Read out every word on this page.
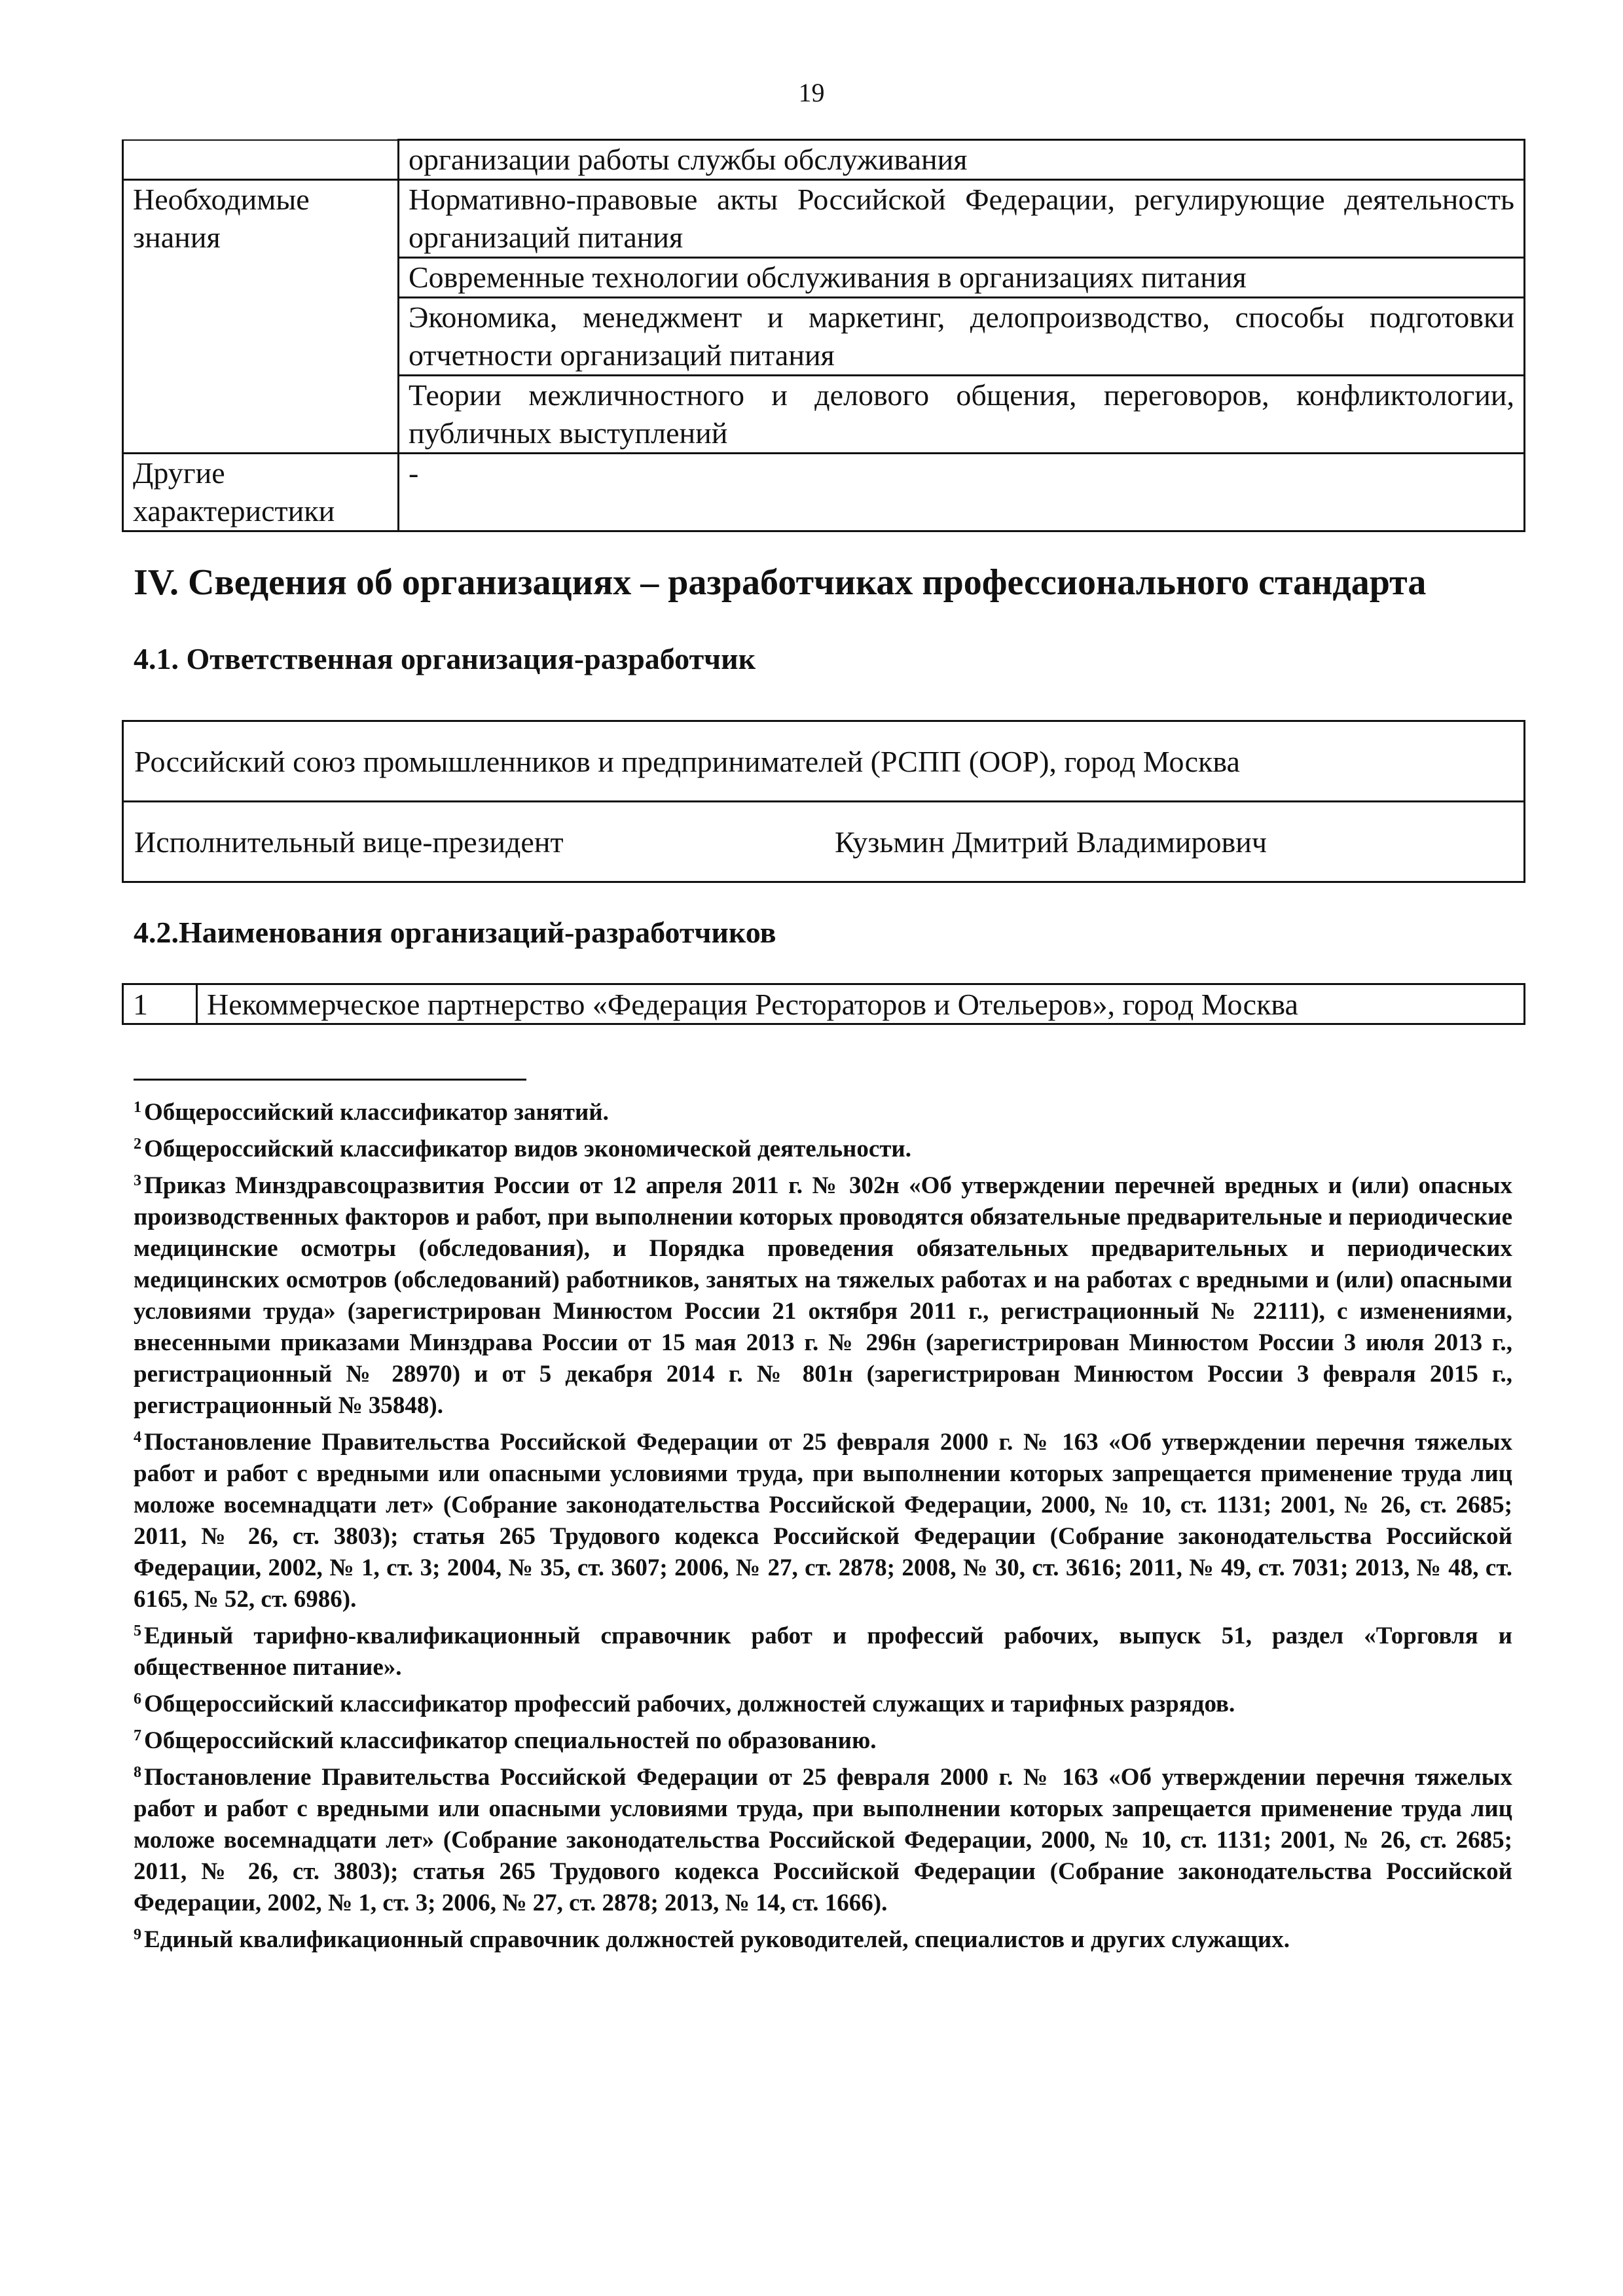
19
	организации работы службы обслуживания
Необходимые знания	Нормативно-правовые акты Российской Федерации, регулирующие деятельность организаций питания
	Современные технологии обслуживания в организациях питания
	Экономика, менеджмент и маркетинг, делопроизводство, способы подготовки отчетности организаций питания
	Теории межличностного и делового общения, переговоров, конфликтологии, публичных выступлений
Другие характеристики	-
IV. Сведения об организациях – разработчиках профессионального стандарта
4.1. Ответственная организация-разработчик
Российский союз промышленников и предпринимателей (РСПП (ООР), город Москва

Исполнительный вице-президент	Кузьмин Дмитрий Владимирович
4.2.Наименования организаций-разработчиков
1	Некоммерческое партнерство «Федерация Рестораторов и Отельеров», город Москва

$^1$ Общероссийский классификатор занятий.

$^2$ Общероссийский классификатор видов экономической деятельности.

$^3$ Приказ Минздравсоцразвития России от 12 апреля 2011 г. № 302н «Об утверждении перечней вредных и (или) опасных производственных факторов и работ, при выполнении которых проводятся обязательные предварительные и периодические медицинские осмотры (обследования), и Порядка проведения обязательных предварительных и периодических медицинских осмотров (обследований) работников, занятых на тяжелых работах и на работах с вредными и (или) опасными условиями труда» (зарегистрирован Минюстом России 21 октября 2011 г., регистрационный № 22111), с изменениями, внесенными приказами Минздрава России от 15 мая 2013 г. № 296н (зарегистрирован Минюстом России 3 июля 2013 г., регистрационный № 28970) и от 5 декабря 2014 г. № 801н (зарегистрирован Минюстом России 3 февраля 2015 г., регистрационный № 35848).

$^4$ Постановление Правительства Российской Федерации от 25 февраля 2000 г. № 163 «Об утверждении перечня тяжелых работ и работ с вредными или опасными условиями труда, при выполнении которых запрещается применение труда лиц моложе восемнадцати лет» (Собрание законодательства Российской Федерации, 2000, № 10, ст. 1131; 2001, № 26, ст. 2685; 2011, № 26, ст. 3803); статья 265 Трудового кодекса Российской Федерации (Собрание законодательства Российской Федерации, 2002, № 1, ст. 3; 2004, № 35, ст. 3607; 2006, № 27, ст. 2878; 2008, № 30, ст. 3616; 2011, № 49, ст. 7031; 2013, № 48, ст. 6165, № 52, ст. 6986).

$^5$ Единый тарифно-квалификационный справочник работ и профессий рабочих, выпуск 51, раздел «Торговля и общественное питание».

$^6$ Общероссийский классификатор профессий рабочих, должностей служащих и тарифных разрядов.

$^7$ Общероссийский классификатор специальностей по образованию.

$^8$ Постановление Правительства Российской Федерации от 25 февраля 2000 г. № 163 «Об утверждении перечня тяжелых работ и работ с вредными или опасными условиями труда, при выполнении которых запрещается применение труда лиц моложе восемнадцати лет» (Собрание законодательства Российской Федерации, 2000, № 10, ст. 1131; 2001, № 26, ст. 2685; 2011, № 26, ст. 3803); статья 265 Трудового кодекса Российской Федерации (Собрание законодательства Российской Федерации, 2002, № 1, ст. 3; 2006, № 27, ст. 2878; 2013, № 14, ст. 1666).

$^9$ Единый квалификационный справочник должностей руководителей, специалистов и других служащих.
